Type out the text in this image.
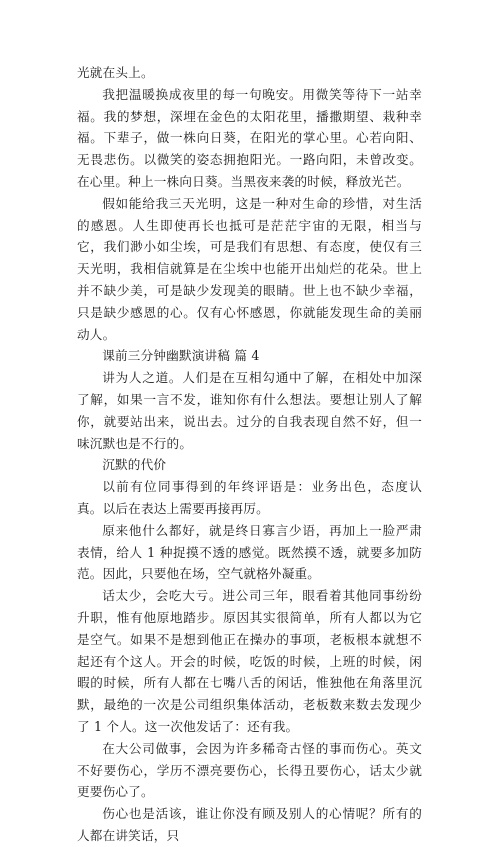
光就在头上。

我把温暖换成夜里的每一句晚安。用微笑等待下一站幸福。我的梦想，深埋在金色的太阳花里，播撒期望、栽种幸福。下辈子，做一株向日葵，在阳光的掌心里。心若向阳、无畏悲伤。以微笑的姿态拥抱阳光。一路向阳，未曾改变。在心里。种上一株向日葵。当黑夜来袭的时候，释放光芒。

假如能给我三天光明，这是一种对生命的珍惜，对生活的感恩。人生即使再长也抵可是茫茫宇宙的无限，相当与它，我们渺小如尘埃，可是我们有思想、有态度，使仅有三天光明，我相信就算是在尘埃中也能开出灿烂的花朵。世上并不缺少美，可是缺少发现美的眼睛。世上也不缺少幸福，只是缺少感恩的心。仅有心怀感恩，你就能发现生命的美丽动人。

课前三分钟幽默演讲稿 篇 4

讲为人之道。人们是在互相勾通中了解，在相处中加深了解，如果一言不发，谁知你有什么想法。要想让别人了解你，就要站出来，说出去。过分的自我表现自然不好，但一味沉默也是不行的。

沉默的代价

以前有位同事得到的年终评语是：业务出色，态度认真。以后在表达上需要再接再厉。

原来他什么都好，就是终日寡言少语，再加上一脸严肃表情，给人 1 种捉摸不透的感觉。既然摸不透，就要多加防范。因此，只要他在场，空气就格外凝重。

话太少，会吃大亏。进公司三年，眼看着其他同事纷纷升职，惟有他原地踏步。原因其实很简单，所有人都以为它是空气。如果不是想到他正在操办的事项，老板根本就想不起还有个这人。开会的时候，吃饭的时候，上班的时候，闲暇的时候，所有人都在七嘴八舌的闲话，惟独他在角落里沉默，最绝的一次是公司组织集体活动，老板数来数去发现少了 1 个人。这一次他发话了：还有我。

在大公司做事，会因为许多稀奇古怪的事而伤心。英文不好要伤心，学历不漂亮要伤心，长得丑要伤心，话太少就更要伤心了。

伤心也是活该，谁让你没有顾及别人的心情呢？所有的人都在讲笑话，只
